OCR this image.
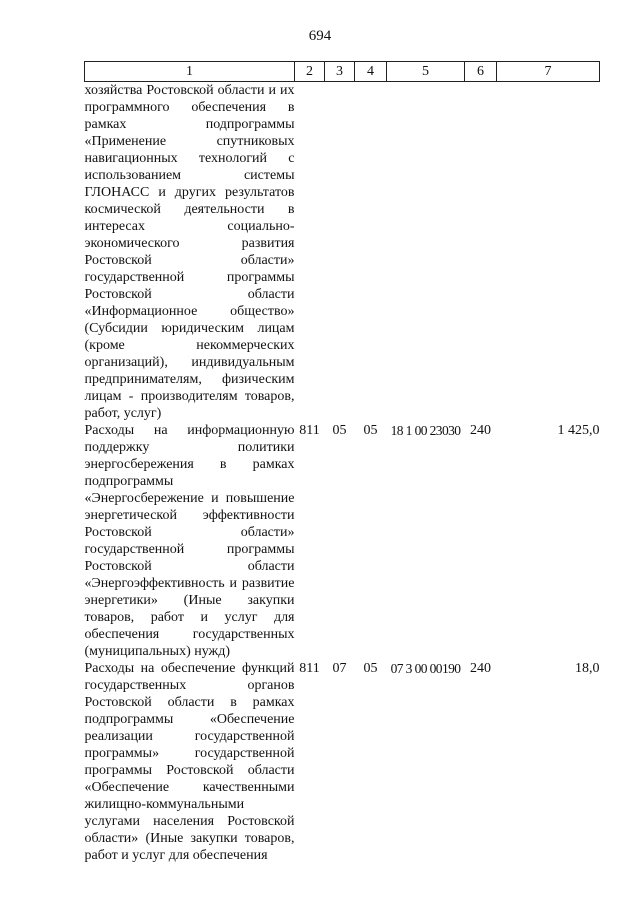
694
1	2	3	4	5	6	7
хозяйства Ростовской области и их программного обеспечения в рамках подпрограммы «Применение спутниковых навигационных технологий с использованием системы ГЛОНАСС и других результатов космической деятельности в интересах социально-экономического развития Ростовской области» государственной программы Ростовской области «Информационное общество» (Субсидии юридическим лицам (кроме некоммерческих организаций), индивидуальным предпринимателям, физическим лицам - производителям товаров, работ, услуг)						
Расходы на информационную поддержку политики энергосбережения в рамках подпрограммы «Энергосбережение и повышение энергетической эффективности Ростовской области» государственной программы Ростовской области «Энергоэффективность и развитие энергетики» (Иные закупки товаров, работ и услуг для обеспечения государственных (муниципальных) нужд)	811	05	05	18 1 00 23030	240	1 425,0
Расходы на обеспечение функций государственных органов Ростовской области в рамках подпрограммы «Обеспечение реализации государственной программы» государственной программы Ростовской области «Обеспечение качественными жилищно-коммунальными услугами населения Ростовской области» (Иные закупки товаров, работ и услуг для обеспечения	811	07	05	07 3 00 00190	240	18,0
